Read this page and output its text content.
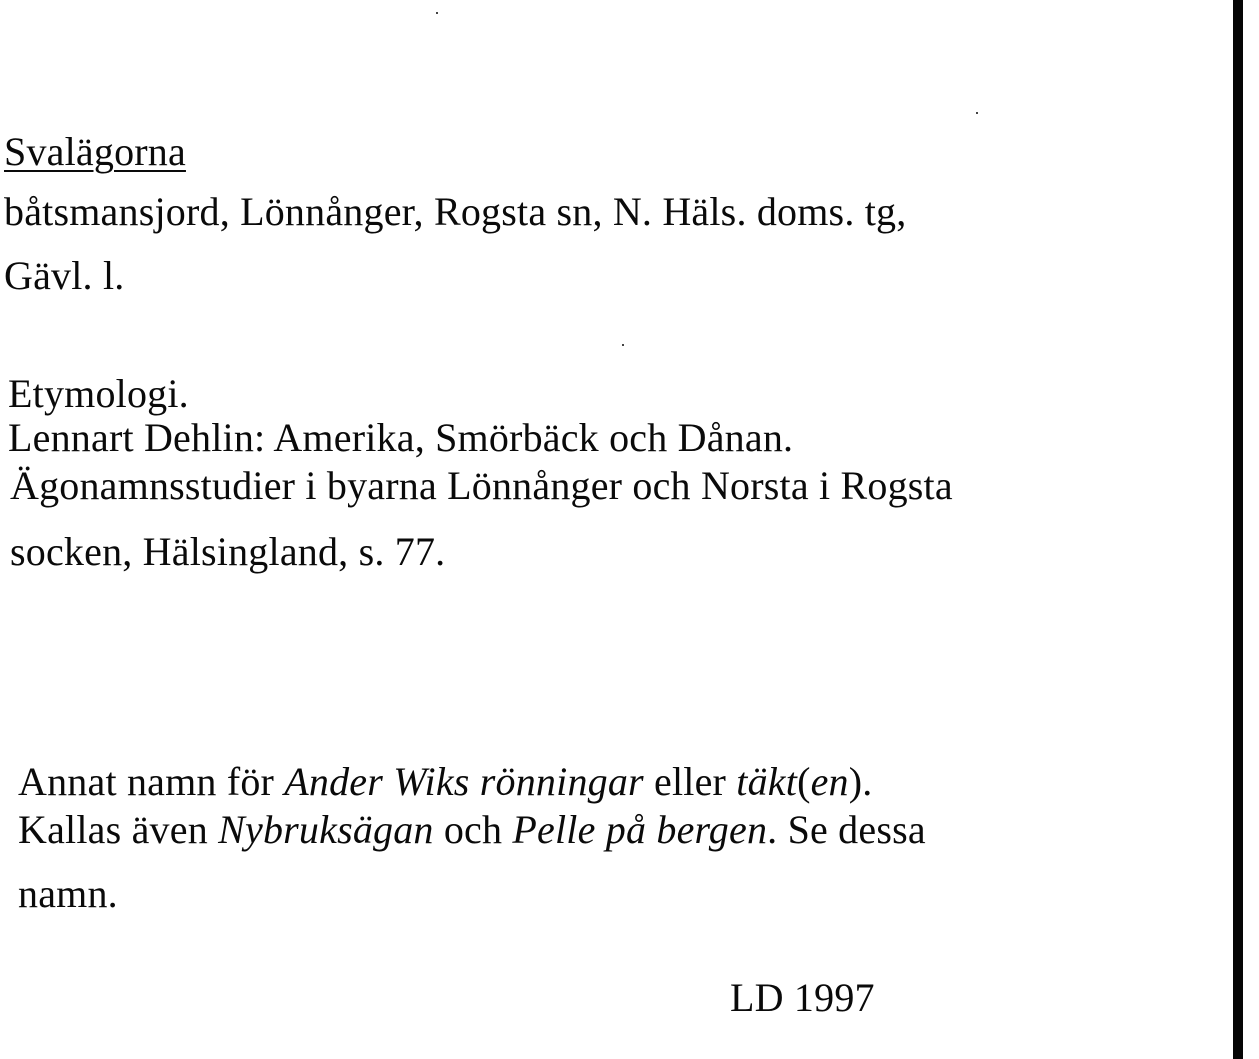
Svalägorna
båtsmansjord, Lönnånger, Rogsta sn, N. Häls. doms. tg,
Gävl. l.
Etymologi.
Lennart Dehlin: Amerika, Smörbäck och Dånan.
Ägonamnsstudier i byarna Lönnånger och Norsta i Rogsta
socken, Hälsingland, s. 77.
Annat namn för Ander Wiks rönningar eller täkt(en).
Kallas även Nybruksägan och Pelle på bergen. Se dessa
namn.
LD 1997
